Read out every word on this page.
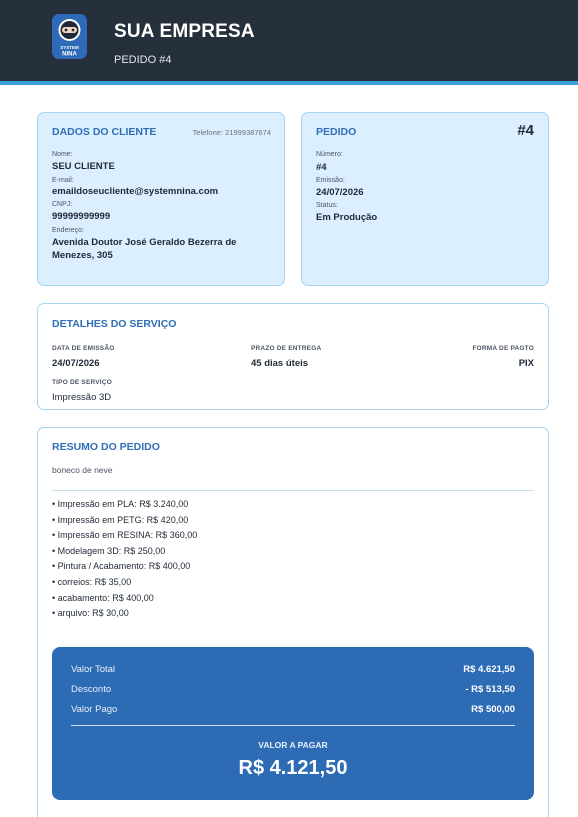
SYSTEM
NINA
SUA EMPRESA
PEDIDO #4
DADOS DO CLIENTE	Telefone: 21999387674
Nome:
SEU CLIENTE
E-mail:
emaildoseucliente@systemnina.com
CNPJ:
99999999999
Endereço:
Avenida Doutor José Geraldo Bezerra de
Menezes, 305
PEDIDO	#4
Número:
#4
Emissão:
24/07/2026
Status:
Em Produção
DETALHES DO SERVIÇO
DATA DE EMISSÃO
24/07/2026
PRAZO DE ENTREGA
45 dias úteis
FORMA DE PAGTO
PIX
TIPO DE SERVIÇO
Impressão 3D
RESUMO DO PEDIDO
boneco de neve
• Impressão em PLA: R$ 3.240,00
• Impressão em PETG: R$ 420,00
• Impressão em RESINA: R$ 360,00
• Modelagem 3D: R$ 250,00
• Pintura / Acabamento: R$ 400,00
• correios: R$ 35,00
• acabamento: R$ 400,00
• arquivo: R$ 30,00
Valor Total	R$ 4.621,50
Desconto	- R$ 513,50
Valor Pago	R$ 500,00
VALOR A PAGAR
R$ 4.121,50
